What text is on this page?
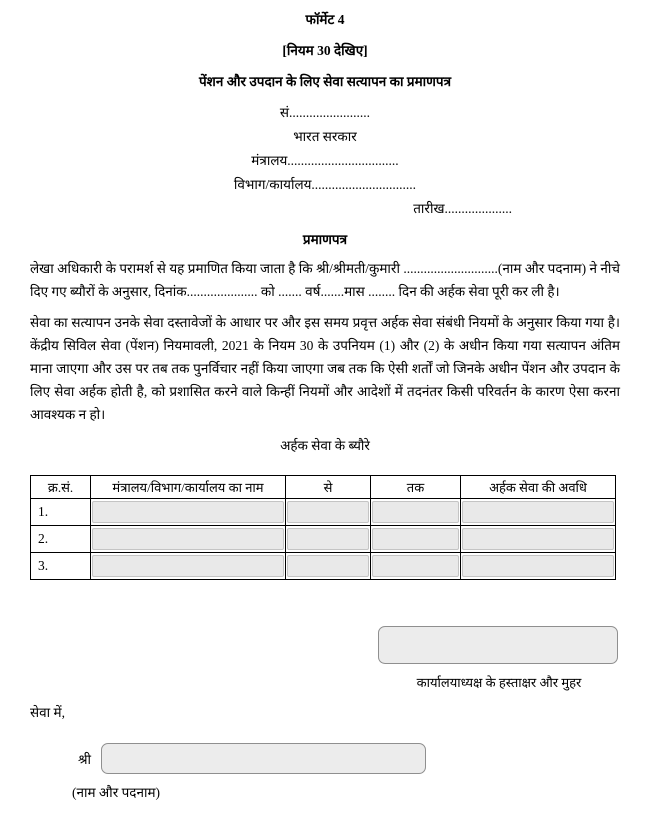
फॉर्मेट 4
[नियम 30 देखिए]
पेंशन और उपदान के लिए सेवा सत्यापन का प्रमाणपत्र
सं........................
भारत सरकार
मंत्रालय.................................
विभाग/कार्यालय...............................
तारीख....................
प्रमाणपत्र

लेखा अधिकारी के परामर्श से यह प्रमाणित किया जाता है कि श्री/श्रीमती/कुमारी ............................(नाम और पदनाम) ने नीचे दिए गए ब्यौरों के अनुसार, दिनांक..................... को ....... वर्ष.......मास ........ दिन की अर्हक सेवा पूरी कर ली है।

सेवा का सत्यापन उनके सेवा दस्तावेजों के आधार पर और इस समय प्रवृत्त अर्हक सेवा संबंधी नियमों के अनुसार किया गया है। केंद्रीय सिविल सेवा (पेंशन) नियमावली, 2021 के नियम 30 के उपनियम (1) और (2) के अधीन किया गया सत्यापन अंतिम माना जाएगा और उस पर तब तक पुनर्विचार नहीं किया जाएगा जब तक कि ऐसी शर्तों जो जिनके अधीन पेंशन और उपदान के लिए सेवा अर्हक होती है, को प्रशासित करने वाले किन्हीं नियमों और आदेशों में तदनंतर किसी परिवर्तन के कारण ऐसा करना आवश्यक न हो।

अर्हक सेवा के ब्यौरे
क्र.सं.	मंत्रालय/विभाग/कार्यालय का नाम	से	तक	अर्हक सेवा की अवधि
1.	

2.	

3.	

कार्यालयाध्यक्ष के हस्ताक्षर और मुहर
सेवा में,
श्री
(नाम और पदनाम)
